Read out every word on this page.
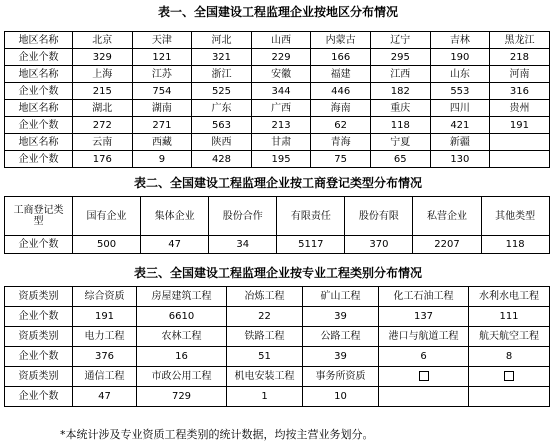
表一、全国建设工程监理企业按地区分布情况
地区名称	北京	天津	河北	山西	内蒙古	辽宁	吉林	黑龙江
企业个数	329	121	321	229	166	295	190	218
地区名称	上海	江苏	浙江	安徽	福建	江西	山东	河南
企业个数	215	754	525	344	446	182	553	316
地区名称	湖北	湖南	广东	广西	海南	重庆	四川	贵州
企业个数	272	271	563	213	62	118	421	191
地区名称	云南	西藏	陕西	甘肃	青海	宁夏	新疆	
企业个数	176	9	428	195	75	65	130	
表二、全国建设工程监理企业按工商登记类型分布情况
工商登记类型	国有企业	集体企业	股份合作	有限责任	股份有限	私营企业	其他类型
企业个数	500	47	34	5117	370	2207	118
表三、全国建设工程监理企业按专业工程类别分布情况
资质类别	综合资质	房屋建筑工程	冶炼工程	矿山工程	化工石油工程	水利水电工程
企业个数	191	6610	22	39	137	111
资质类别	电力工程	农林工程	铁路工程	公路工程	港口与航道工程	航天航空工程
企业个数	376	16	51	39	6	8
资质类别	通信工程	市政公用工程	机电安装工程	事务所资质		
企业个数	47	729	1	10		
*本统计涉及专业资质工程类别的统计数据，均按主营业务划分。
